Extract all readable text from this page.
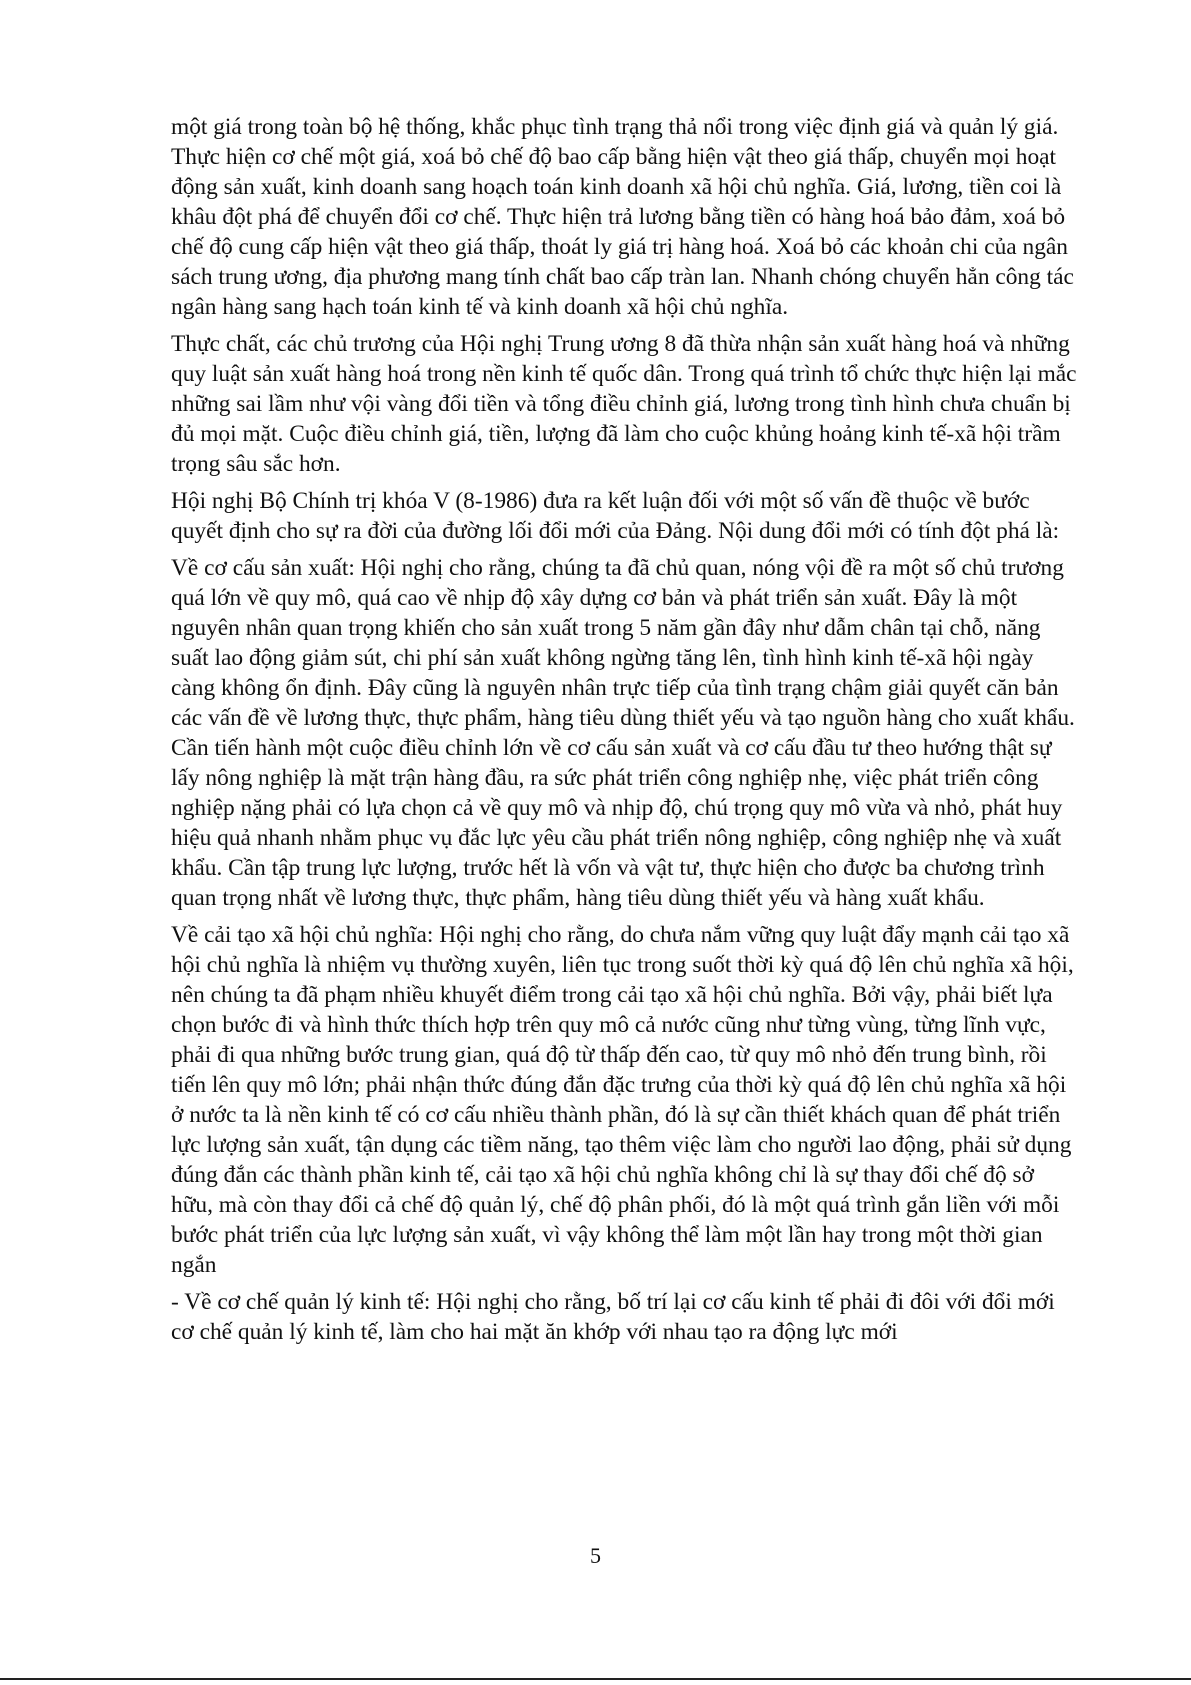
một giá trong toàn bộ hệ thống, khắc phục tình trạng thả nổi trong việc định giá và quản lý giá. Thực hiện cơ chế một giá, xoá bỏ chế độ bao cấp bằng hiện vật theo giá thấp, chuyển mọi hoạt động sản xuất, kinh doanh sang hoạch toán kinh doanh xã hội chủ nghĩa. Giá, lương, tiền coi là khâu đột phá để chuyển đổi cơ chế. Thực hiện trả lương bằng tiền có hàng hoá bảo đảm, xoá bỏ chế độ cung cấp hiện vật theo giá thấp, thoát ly giá trị hàng hoá. Xoá bỏ các khoản chi của ngân sách trung ương, địa phương mang tính chất bao cấp tràn lan. Nhanh chóng chuyển hẳn công tác ngân hàng sang hạch toán kinh tế và kinh doanh xã hội chủ nghĩa.

Thực chất, các chủ trương của Hội nghị Trung ương 8 đã thừa nhận sản xuất hàng hoá và những quy luật sản xuất hàng hoá trong nền kinh tế quốc dân. Trong quá trình tổ chức thực hiện lại mắc những sai lầm như vội vàng đổi tiền và tổng điều chỉnh giá, lương trong tình hình chưa chuẩn bị đủ mọi mặt. Cuộc điều chỉnh giá, tiền, lượng đã làm cho cuộc khủng hoảng kinh tế-xã hội trầm trọng sâu sắc hơn.

Hội nghị Bộ Chính trị khóa V (8-1986) đưa ra kết luận đối với một số vấn đề thuộc về bước quyết định cho sự ra đời của đường lối đổi mới của Đảng. Nội dung đổi mới có tính đột phá là:

Về cơ cấu sản xuất: Hội nghị cho rằng, chúng ta đã chủ quan, nóng vội đề ra một số chủ trương quá lớn về quy mô, quá cao về nhịp độ xây dựng cơ bản và phát triển sản xuất. Đây là một nguyên nhân quan trọng khiến cho sản xuất trong 5 năm gần đây như dẫm chân tại chỗ, năng suất lao động giảm sút, chi phí sản xuất không ngừng tăng lên, tình hình kinh tế-xã hội ngày càng không ổn định. Đây cũng là nguyên nhân trực tiếp của tình trạng chậm giải quyết căn bản các vấn đề về lương thực, thực phẩm, hàng tiêu dùng thiết yếu và tạo nguồn hàng cho xuất khẩu. Cần tiến hành một cuộc điều chỉnh lớn về cơ cấu sản xuất và cơ cấu đầu tư theo hướng thật sự lấy nông nghiệp là mặt trận hàng đầu, ra sức phát triển công nghiệp nhẹ, việc phát triển công nghiệp nặng phải có lựa chọn cả về quy mô và nhịp độ, chú trọng quy mô vừa và nhỏ, phát huy hiệu quả nhanh nhằm phục vụ đắc lực yêu cầu phát triển nông nghiệp, công nghiệp nhẹ và xuất khẩu. Cần tập trung lực lượng, trước hết là vốn và vật tư, thực hiện cho được ba chương trình quan trọng nhất về lương thực, thực phẩm, hàng tiêu dùng thiết yếu và hàng xuất khẩu.

Về cải tạo xã hội chủ nghĩa: Hội nghị cho rằng, do chưa nắm vững quy luật đẩy mạnh cải tạo xã hội chủ nghĩa là nhiệm vụ thường xuyên, liên tục trong suốt thời kỳ quá độ lên chủ nghĩa xã hội, nên chúng ta đã phạm nhiều khuyết điểm trong cải tạo xã hội chủ nghĩa. Bởi vậy, phải biết lựa chọn bước đi và hình thức thích hợp trên quy mô cả nước cũng như từng vùng, từng lĩnh vực, phải đi qua những bước trung gian, quá độ từ thấp đến cao, từ quy mô nhỏ đến trung bình, rồi tiến lên quy mô lớn; phải nhận thức đúng đắn đặc trưng của thời kỳ quá độ lên chủ nghĩa xã hội ở nước ta là nền kinh tế có cơ cấu nhiều thành phần, đó là sự cần thiết khách quan để phát triển lực lượng sản xuất, tận dụng các tiềm năng, tạo thêm việc làm cho người lao động, phải sử dụng đúng đắn các thành phần kinh tế, cải tạo xã hội chủ nghĩa không chỉ là sự thay đổi chế độ sở hữu, mà còn thay đổi cả chế độ quản lý, chế độ phân phối, đó là một quá trình gắn liền với mỗi bước phát triển của lực lượng sản xuất, vì vậy không thể làm một lần hay trong một thời gian ngắn

- Về cơ chế quản lý kinh tế: Hội nghị cho rằng, bố trí lại cơ cấu kinh tế phải đi đôi với đổi mới cơ chế quản lý kinh tế, làm cho hai mặt ăn khớp với nhau tạo ra động lực mới

5
